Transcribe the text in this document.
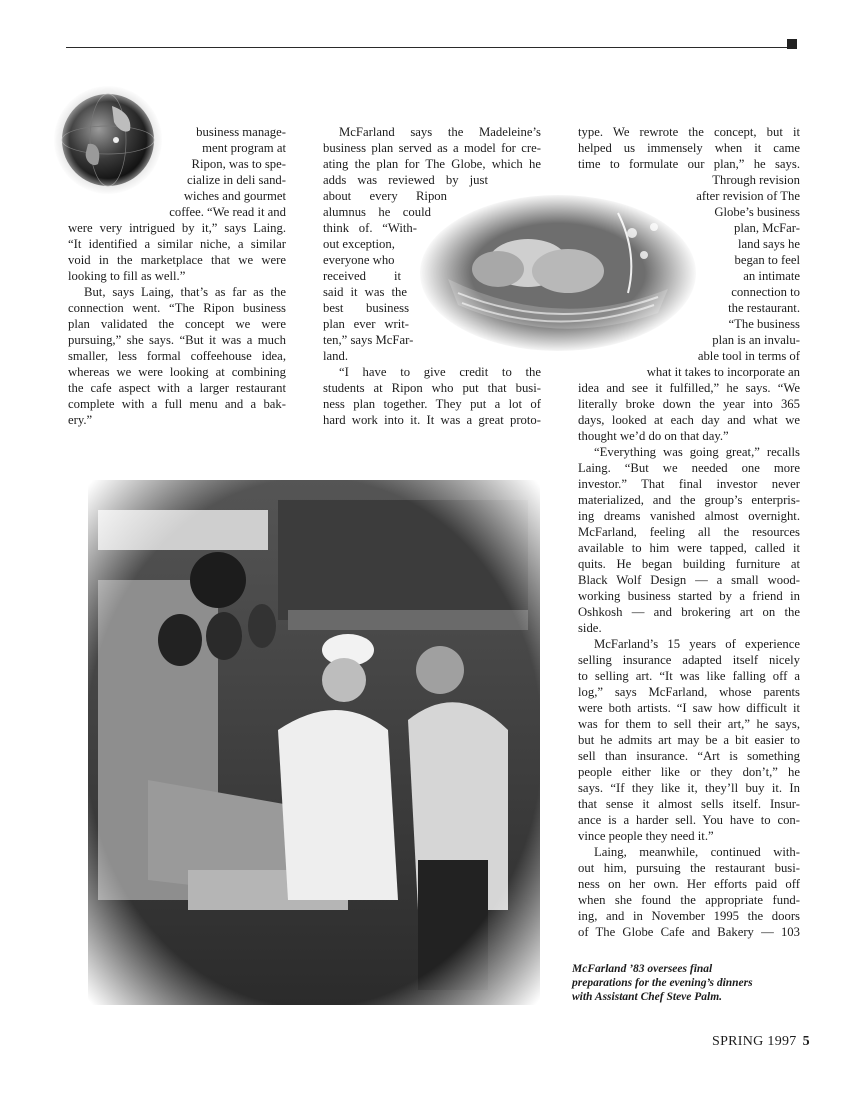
business manage-
ment program at
Ripon, was to spe-
cialize in deli sand-
wiches and gourmet
coffee. “We read it and
were very intrigued by it,” says Laing.
“It identified a similar niche, a similar
void in the marketplace that we were
looking to fill as well.”

But, says Laing, that’s as far as the
connection went. “The Ripon business
plan validated the concept we were
pursuing,” she says. “But it was a much
smaller, less formal coffeehouse idea,
whereas we were looking at combining
the cafe aspect with a larger restaurant
complete with a full menu and a bak-
ery.”

McFarland says the Madeleine’s
business plan served as a model for cre-
ating the plan for The Globe, which he
adds was reviewed by just
about every Ripon
alumnus he could
think of. “With-
out exception,
everyone who
received it
said it was the
best business
plan ever writ-
ten,” says McFar-
land.

“I have to give credit to the
students at Ripon who put that busi-
ness plan together. They put a lot of
hard work into it. It was a great proto-

type. We rewrote the concept, but it
helped us immensely when it came
time to formulate our plan,” he says.
Through revision
after revision of The
Globe’s business
plan, McFar-
land says he
began to feel
an intimate
connection to
the restaurant.

“The business
plan is an invalu-
able tool in terms of
what it takes to incorporate an
idea and see it fulfilled,” he says. “We
literally broke down the year into 365
days, looked at each day and what we
thought we’d do on that day.”

“Everything was going great,” recalls
Laing. “But we needed one more
investor.” That final investor never
materialized, and the group’s enterpris-
ing dreams vanished almost overnight.
McFarland, feeling all the resources
available to him were tapped, called it
quits. He began building furniture at
Black Wolf Design — a small wood-
working business started by a friend in
Oshkosh — and brokering art on the
side.

McFarland’s 15 years of experience
selling insurance adapted itself nicely
to selling art. “It was like falling off a
log,” says McFarland, whose parents
were both artists. “I saw how difficult it
was for them to sell their art,” he says,
but he admits art may be a bit easier to
sell than insurance. “Art is something
people either like or they don’t,” he
says. “If they like it, they’ll buy it. In
that sense it almost sells itself. Insur-
ance is a harder sell. You have to con-
vince people they need it.”

Laing, meanwhile, continued with-
out him, pursuing the restaurant busi-
ness on her own. Her efforts paid off
when she found the appropriate fund-
ing, and in November 1995 the doors
of The Globe Cafe and Bakery — 103

McFarland ’83 oversees final
preparations for the evening’s dinners
with Assistant Chef Steve Palm.
SPRING 1997 5
